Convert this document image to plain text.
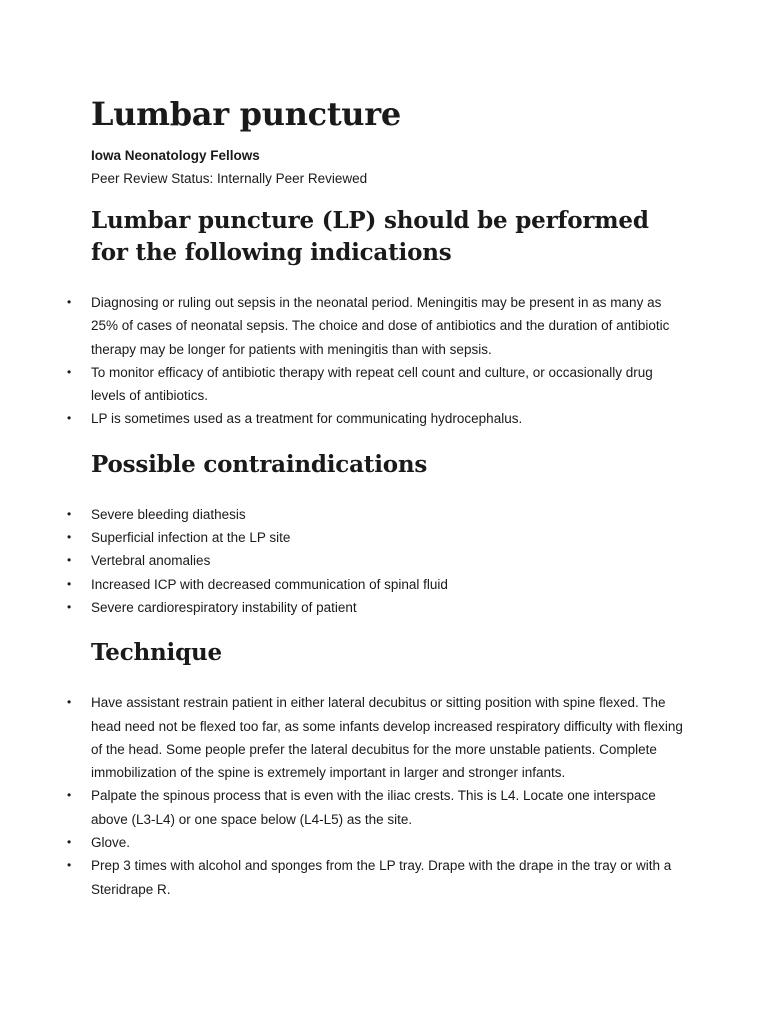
Lumbar puncture

Iowa Neonatology Fellows

Peer Review Status: Internally Peer Reviewed

Lumbar puncture (LP) should be performed for the following indications
• Diagnosing or ruling out sepsis in the neonatal period. Meningitis may be present in as many as 25% of cases of neonatal sepsis. The choice and dose of antibiotics and the duration of antibiotic therapy may be longer for patients with meningitis than with sepsis.
• To monitor efficacy of antibiotic therapy with repeat cell count and culture, or occasionally drug levels of antibiotics.
• LP is sometimes used as a treatment for communicating hydrocephalus.
Possible contraindications
• Severe bleeding diathesis
• Superficial infection at the LP site
• Vertebral anomalies
• Increased ICP with decreased communication of spinal fluid
• Severe cardiorespiratory instability of patient
Technique
• Have assistant restrain patient in either lateral decubitus or sitting position with spine flexed. The head need not be flexed too far, as some infants develop increased respiratory difficulty with flexing of the head. Some people prefer the lateral decubitus for the more unstable patients. Complete immobilization of the spine is extremely important in larger and stronger infants.
• Palpate the spinous process that is even with the iliac crests. This is L4. Locate one interspace above (L3-L4) or one space below (L4-L5) as the site.
• Glove.
• Prep 3 times with alcohol and sponges from the LP tray. Drape with the drape in the tray or with a Steridrape R.
